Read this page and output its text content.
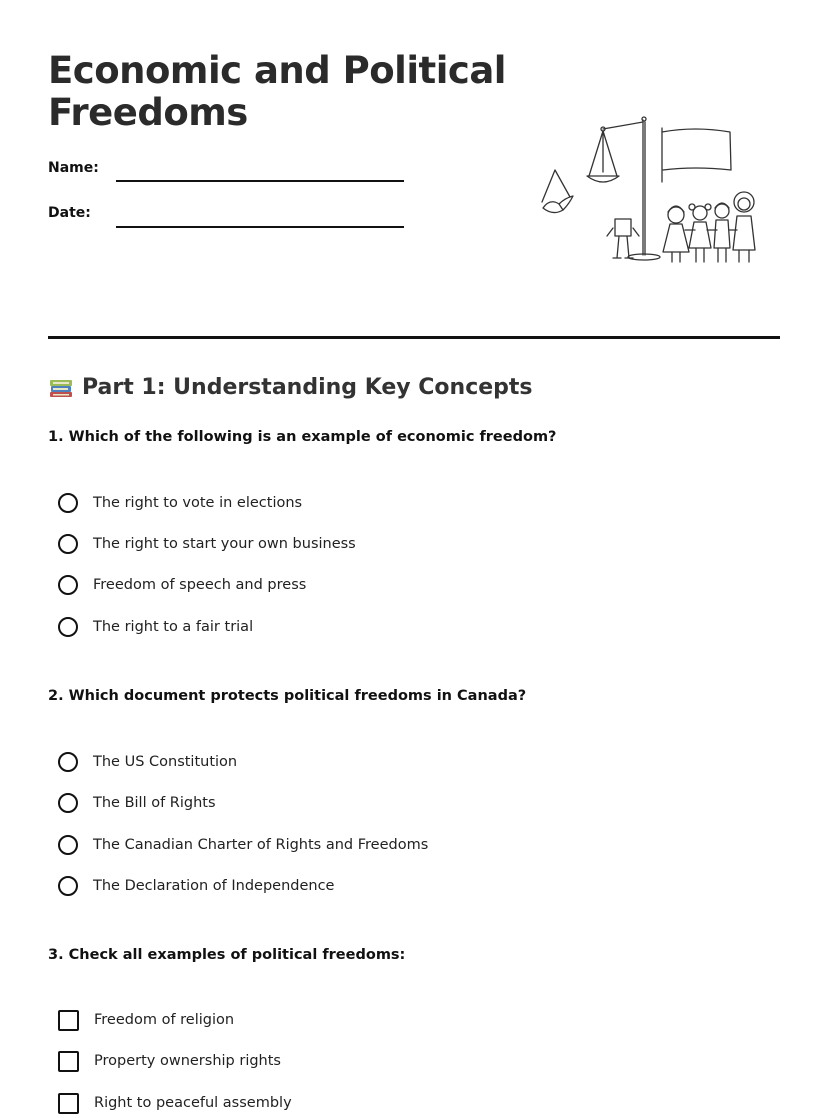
Economic and Political
Freedoms
Name:
Date:
Part 1: Understanding Key Concepts
1. Which of the following is an example of economic freedom?
The right to vote in elections
The right to start your own business
Freedom of speech and press
The right to a fair trial
2. Which document protects political freedoms in Canada?
The US Constitution
The Bill of Rights
The Canadian Charter of Rights and Freedoms
The Declaration of Independence
3. Check all examples of political freedoms:
Freedom of religion
Property ownership rights
Right to peaceful assembly
